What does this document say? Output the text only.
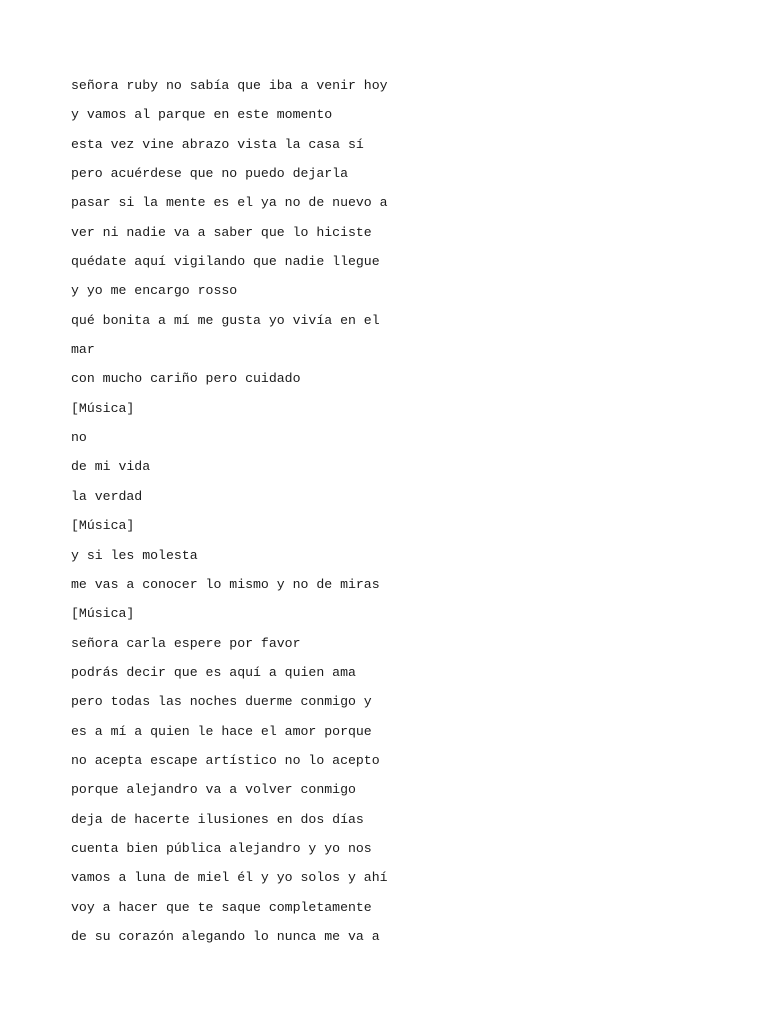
señora ruby no sabía que iba a venir hoy
y vamos al parque en este momento
esta vez vine abrazo vista la casa sí
pero acuérdese que no puedo dejarla
pasar si la mente es el ya no de nuevo a
ver ni nadie va a saber que lo hiciste
quédate aquí vigilando que nadie llegue
y yo me encargo rosso
qué bonita a mí me gusta yo vivía en el
mar
con mucho cariño pero cuidado
[Música]
no
de mi vida
la verdad
[Música]
y si les molesta
me vas a conocer lo mismo y no de miras
[Música]
señora carla espere por favor
podrás decir que es aquí a quien ama
pero todas las noches duerme conmigo y
es a mí a quien le hace el amor porque
no acepta escape artístico no lo acepto
porque alejandro va a volver conmigo
deja de hacerte ilusiones en dos días
cuenta bien pública alejandro y yo nos
vamos a luna de miel él y yo solos y ahí
voy a hacer que te saque completamente
de su corazón alegando lo nunca me va a
